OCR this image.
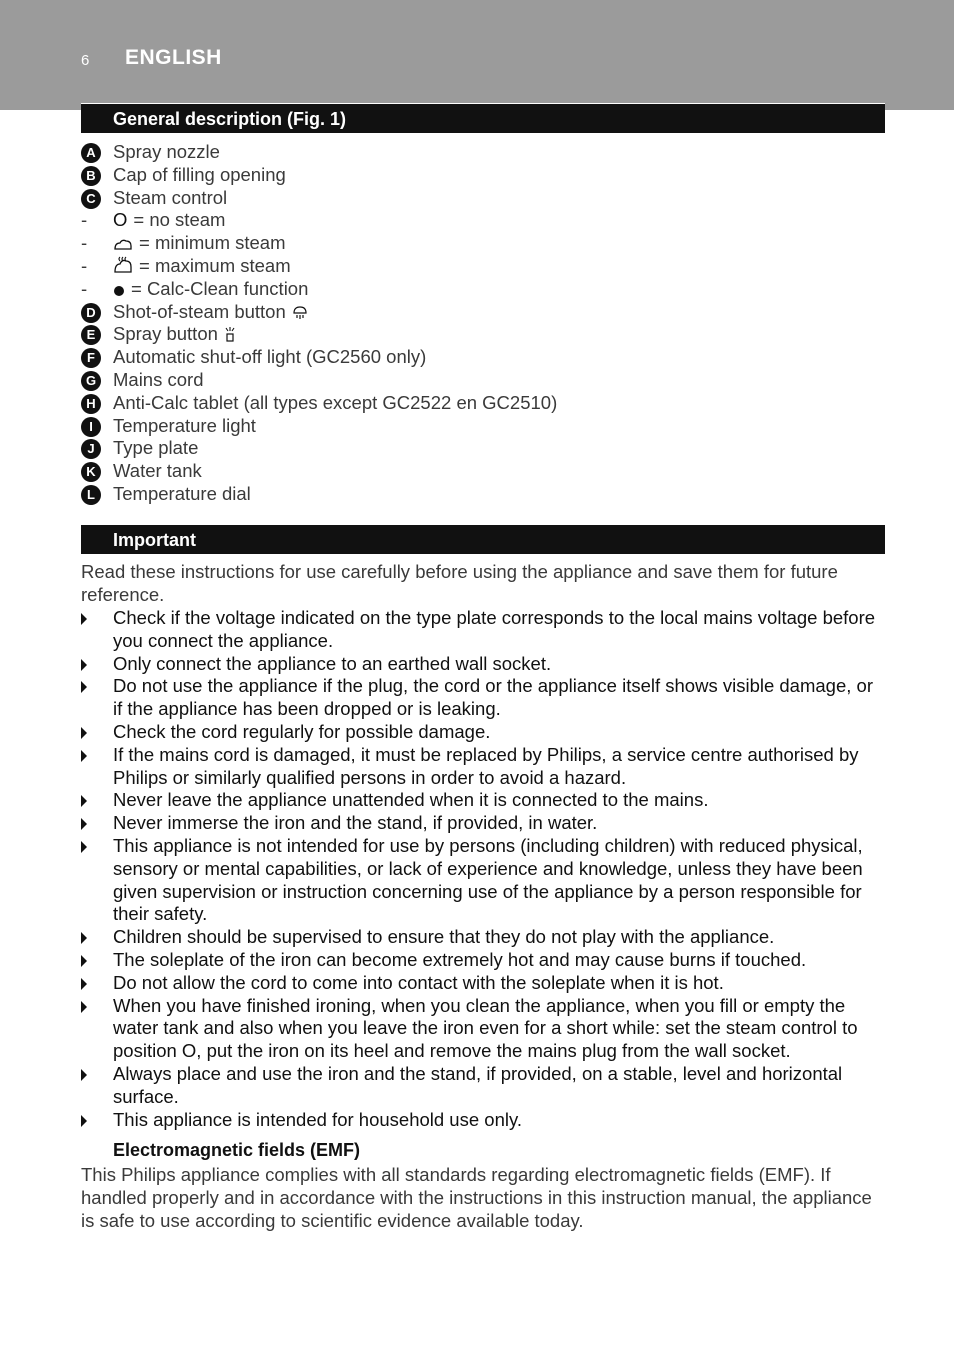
6 ENGLISH
General description (Fig. 1)
A Spray nozzle
B Cap of filling opening
C Steam control
- O = no steam
-	= minimum steam
-	= maximum steam
-	= Calc-Clean function
D Shot-of-steam button
E Spray button
F Automatic shut-off light (GC2560 only)
G Mains cord
H Anti-Calc tablet (all types except GC2522 en GC2510)
I	Temperature light
J Type plate
K Water tank
L Temperature dial
Important

Read these instructions for use carefully before using the appliance and save them for future reference.

Check if the voltage indicated on the type plate corresponds to the local mains voltage before you connect the appliance.
Only connect the appliance to an earthed wall socket.
Do not use the appliance if the plug, the cord or the appliance itself shows visible damage, or if the appliance has been dropped or is leaking.
Check the cord regularly for possible damage.
If the mains cord is damaged, it must be replaced by Philips, a service centre authorised by Philips or similarly qualified persons in order to avoid a hazard.
Never leave the appliance unattended when it is connected to the mains.
Never immerse the iron and the stand, if provided, in water.
This appliance is not intended for use by persons (including children) with reduced physical, sensory or mental capabilities, or lack of experience and knowledge, unless they have been given supervision or instruction concerning use of the appliance by a person responsible for their safety.
Children should be supervised to ensure that they do not play with the appliance.
The soleplate of the iron can become extremely hot and may cause burns if touched.
Do not allow the cord to come into contact with the soleplate when it is hot.
When you have finished ironing, when you clean the appliance, when you fill or empty the water tank and also when you leave the iron even for a short while: set the steam control to position O, put the iron on its heel and remove the mains plug from the wall socket.
Always place and use the iron and the stand, if provided, on a stable, level and horizontal surface.
This appliance is intended for household use only.

Electromagnetic fields (EMF)

This Philips appliance complies with all standards regarding electromagnetic fields (EMF). If handled properly and in accordance with the instructions in this instruction manual, the appliance is safe to use according to scientific evidence available today.
